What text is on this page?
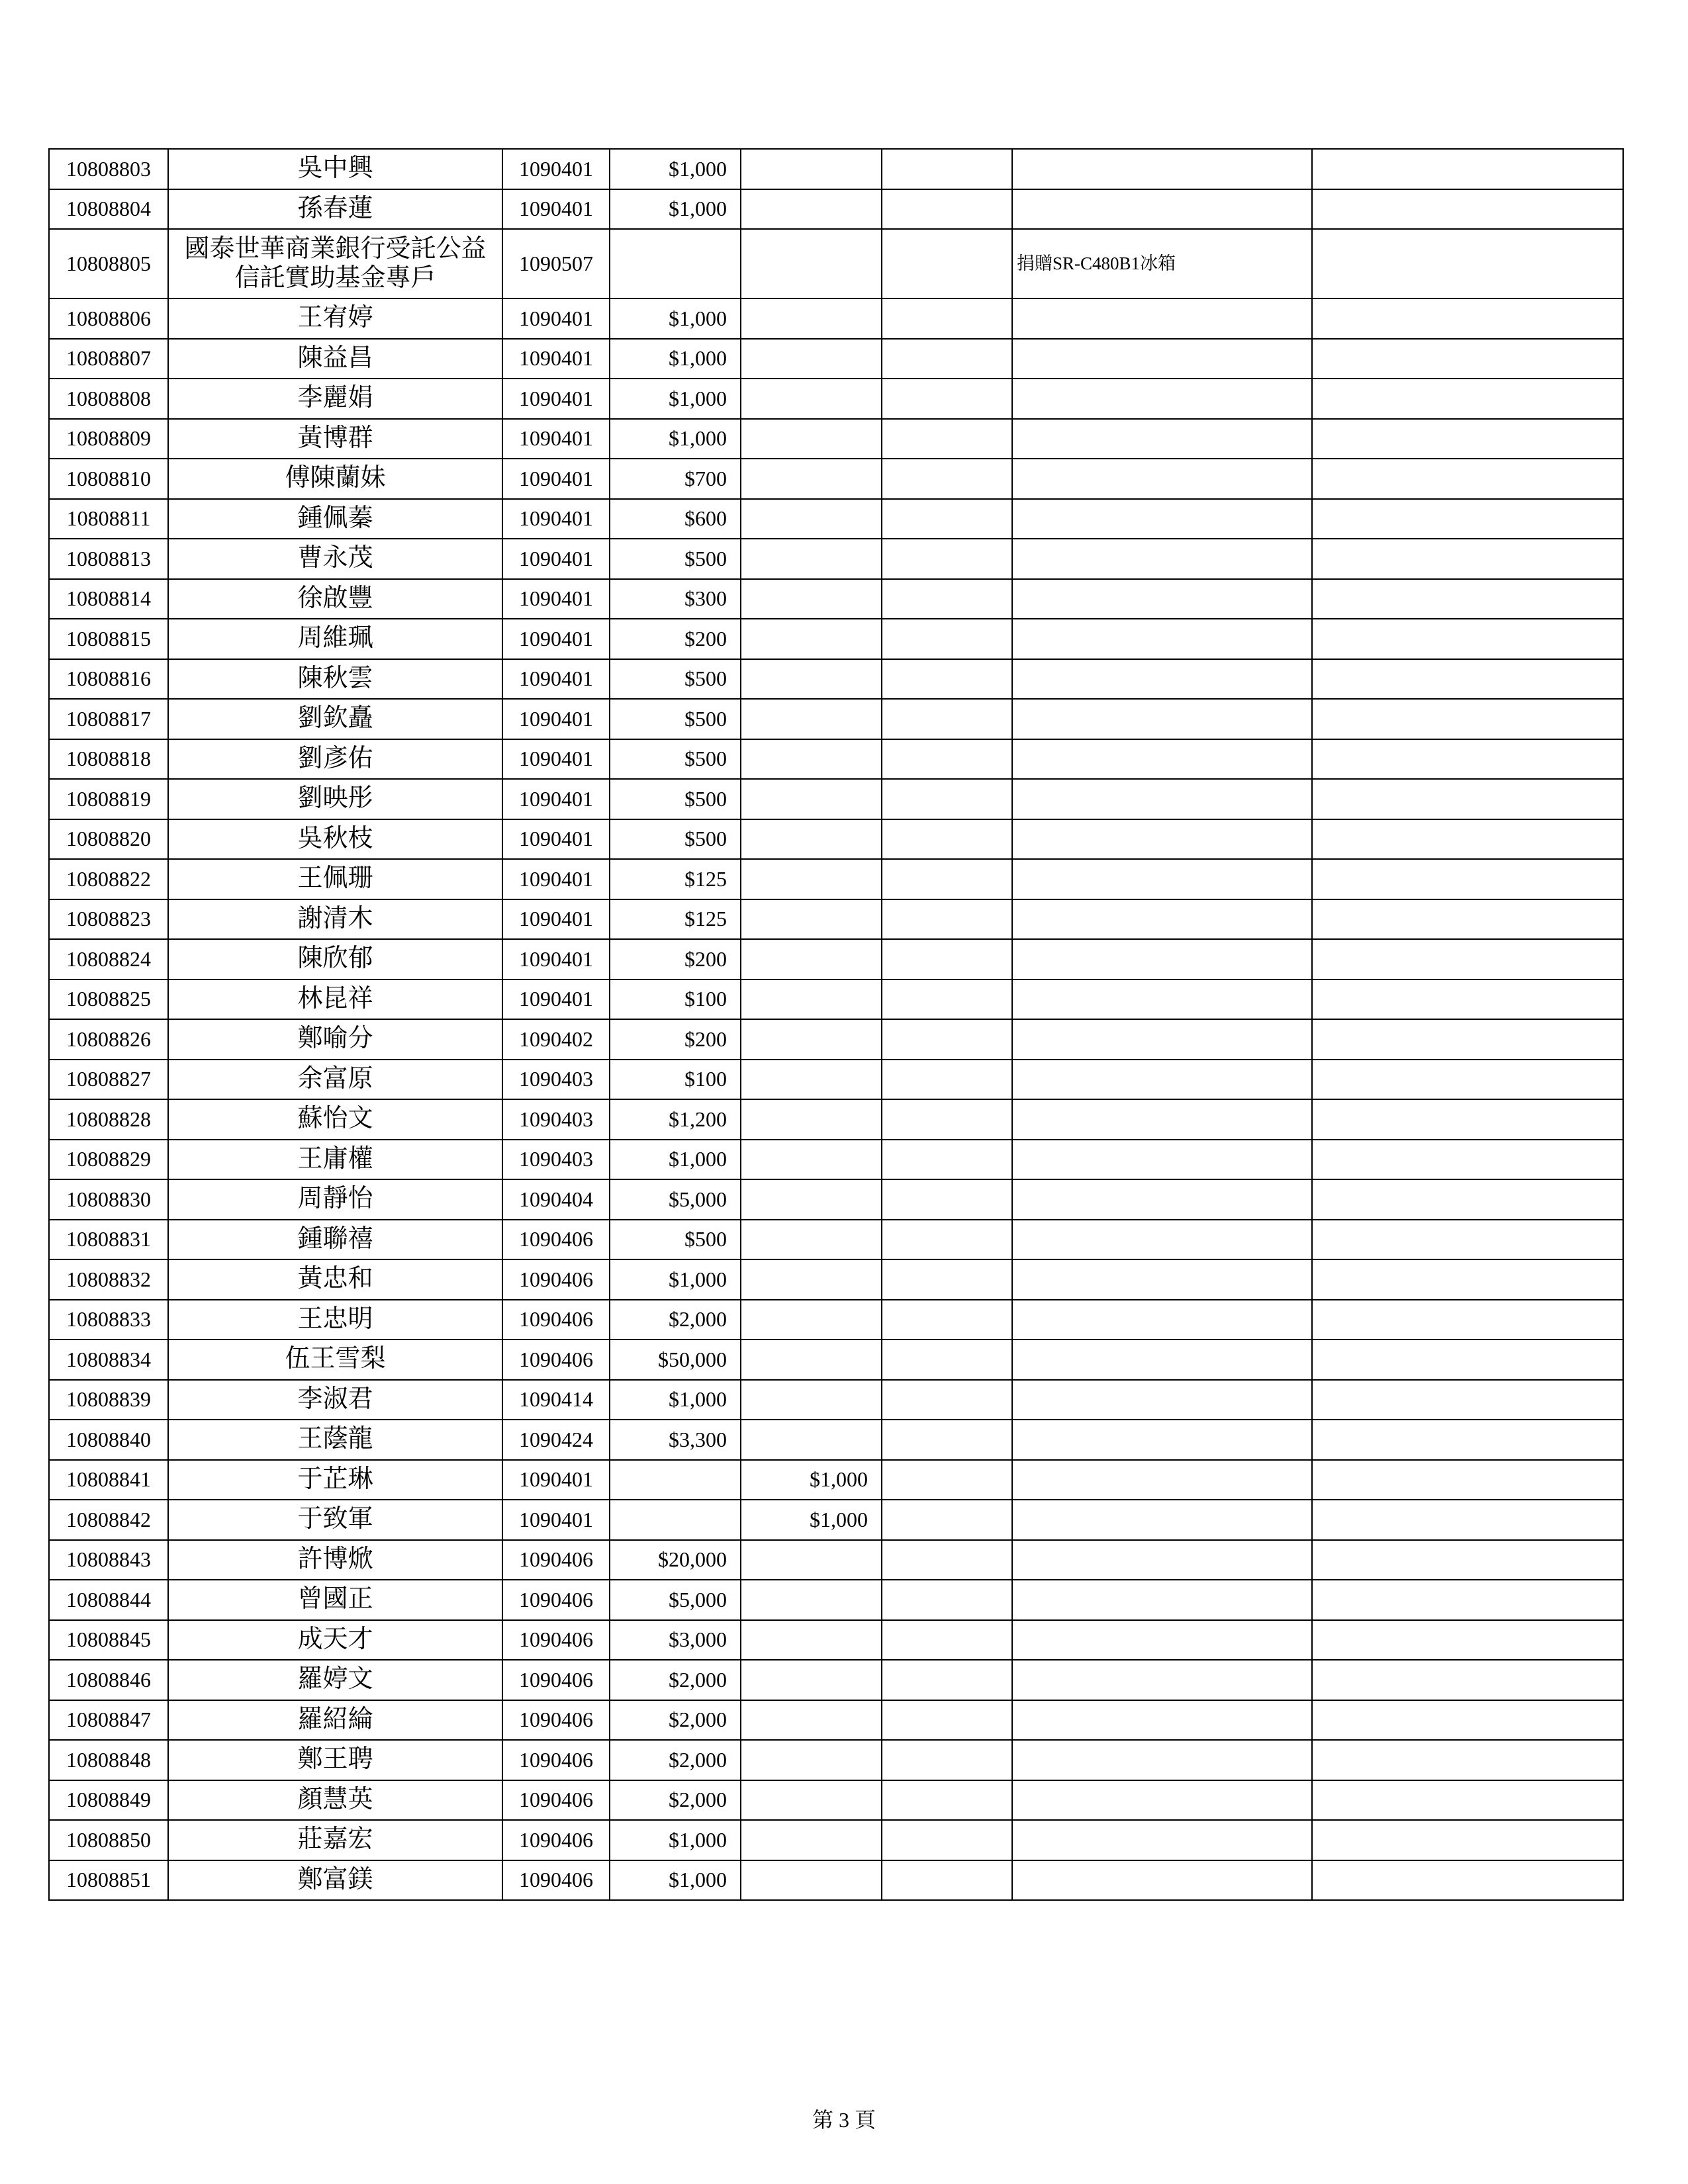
10808803	吳中興	1090401	$1,000				
10808804	孫春蓮	1090401	$1,000				
10808805	國泰世華商業銀行受託公益信託實助基金專戶	1090507				捐贈SR-C480B1冰箱	
10808806	王宥婷	1090401	$1,000				
10808807	陳益昌	1090401	$1,000				
10808808	李麗娟	1090401	$1,000				
10808809	黃博群	1090401	$1,000				
10808810	傅陳蘭妹	1090401	$700				
10808811	鍾佩蓁	1090401	$600				
10808813	曹永茂	1090401	$500				
10808814	徐啟豐	1090401	$300				
10808815	周維珮	1090401	$200				
10808816	陳秋雲	1090401	$500				
10808817	劉欽矗	1090401	$500				
10808818	劉彥佑	1090401	$500				
10808819	劉映彤	1090401	$500				
10808820	吳秋枝	1090401	$500				
10808822	王佩珊	1090401	$125				
10808823	謝清木	1090401	$125				
10808824	陳欣郁	1090401	$200				
10808825	林昆祥	1090401	$100				
10808826	鄭喻分	1090402	$200				
10808827	余富原	1090403	$100				
10808828	蘇怡文	1090403	$1,200				
10808829	王庸權	1090403	$1,000				
10808830	周靜怡	1090404	$5,000				
10808831	鍾聯禧	1090406	$500				
10808832	黃忠和	1090406	$1,000				
10808833	王忠明	1090406	$2,000				
10808834	伍王雪梨	1090406	$50,000				
10808839	李淑君	1090414	$1,000				
10808840	王蔭龍	1090424	$3,300				
10808841	于芷琳	1090401		$1,000			
10808842	于致軍	1090401		$1,000			
10808843	許博焮	1090406	$20,000				
10808844	曾國正	1090406	$5,000				
10808845	成天才	1090406	$3,000				
10808846	羅婷文	1090406	$2,000				
10808847	羅紹綸	1090406	$2,000				
10808848	鄭王聘	1090406	$2,000				
10808849	顏慧英	1090406	$2,000				
10808850	莊嘉宏	1090406	$1,000				
10808851	鄭富鎂	1090406	$1,000				
第 3 頁
